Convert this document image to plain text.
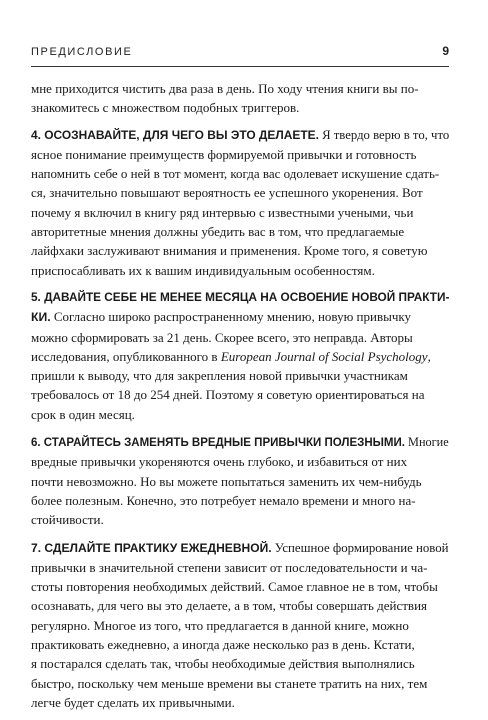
ПРЕДИСЛОВИЕ	9

мне приходится чистить два раза в день. По ходу чтения книги вы по-
знакомитесь с множеством подобных триггеров.

4. ОСОЗНАВАЙТЕ, ДЛЯ ЧЕГО ВЫ ЭТО ДЕЛАЕТЕ. Я твердо верю в то, что
ясное понимание преимуществ формируемой привычки и готовность
напомнить себе о ней в тот момент, когда вас одолевает искушение сдать-
ся, значительно повышают вероятность ее успешного укоренения. Вот
почему я включил в книгу ряд интервью с известными учеными, чьи
авторитетные мнения должны убедить вас в том, что предлагаемые
лайфхаки заслуживают внимания и применения. Кроме того, я советую
приспосабливать их к вашим индивидуальным особенностям.

5. ДАВАЙТЕ СЕБЕ НЕ МЕНЕЕ МЕСЯЦА НА ОСВОЕНИЕ НОВОЙ ПРАКТИ-
КИ. Согласно широко распространенному мнению, новую привычку
можно сформировать за 21 день. Скорее всего, это неправда. Авторы
исследования, опубликованного в European Journal of Social Psychology,
пришли к выводу, что для закрепления новой привычки участникам
требовалось от 18 до 254 дней. Поэтому я советую ориентироваться на
срок в один месяц.

6. СТАРАЙТЕСЬ ЗАМЕНЯТЬ ВРЕДНЫЕ ПРИВЫЧКИ ПОЛЕЗНЫМИ. Многие
вредные привычки укореняются очень глубоко, и избавиться от них
почти невозможно. Но вы можете попытаться заменить их чем-нибудь
более полезным. Конечно, это потребует немало времени и много на-
стойчивости.

7. СДЕЛАЙТЕ ПРАКТИКУ ЕЖЕДНЕВНОЙ. Успешное формирование новой
привычки в значительной степени зависит от последовательности и ча-
стоты повторения необходимых действий. Самое главное не в том, чтобы
осознавать, для чего вы это делаете, а в том, чтобы совершать действия
регулярно. Многое из того, что предлагается в данной книге, можно
практиковать ежедневно, а иногда даже несколько раз в день. Кстати,
я постарался сделать так, чтобы необходимые действия выполнялись
быстро, поскольку чем меньше времени вы станете тратить на них, тем
легче будет сделать их привычными.
